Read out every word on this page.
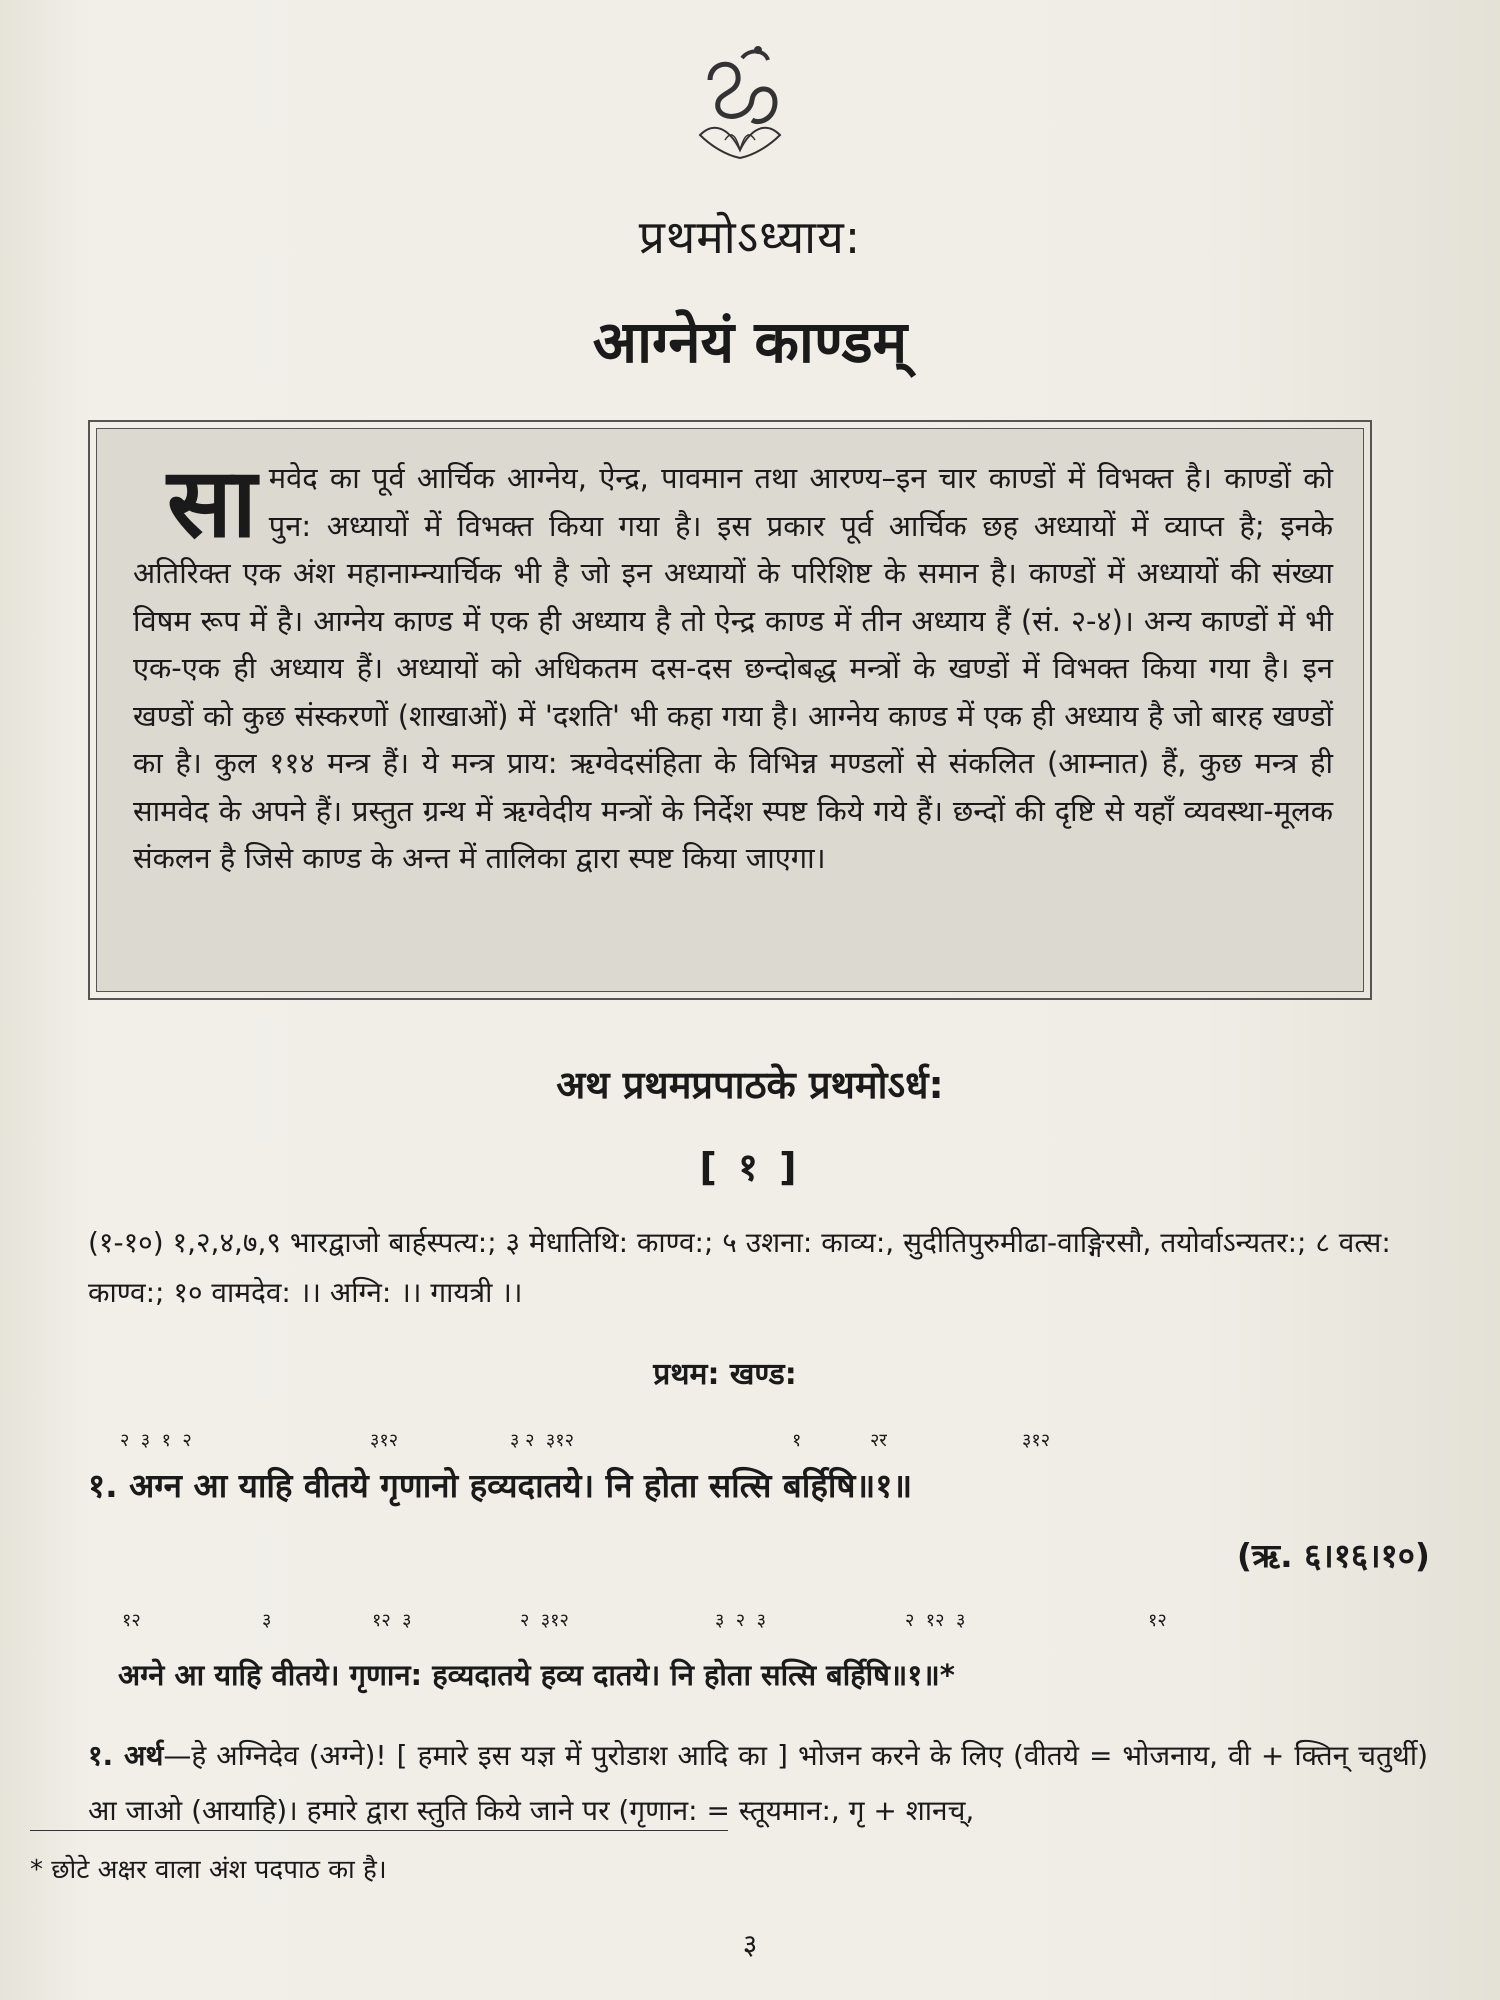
प्रथमोऽध्याय:
आग्नेयं काण्डम्

सामवेद का पूर्व आर्चिक आग्नेय, ऐन्द्र, पावमान तथा आरण्य–इन चार काण्डों में विभक्त है। काण्डों को पुन: अध्यायों में विभक्त किया गया है। इस प्रकार पूर्व आर्चिक छह अध्यायों में व्याप्त है; इनके अतिरिक्त एक अंश महानाम्न्यार्चिक भी है जो इन अध्यायों के परिशिष्ट के समान है। काण्डों में अध्यायों की संख्या विषम रूप में है। आग्नेय काण्ड में एक ही अध्याय है तो ऐन्द्र काण्ड में तीन अध्याय हैं (सं. २-४)। अन्य काण्डों में भी एक-एक ही अध्याय हैं। अध्यायों को अधिकतम दस-दस छन्दोबद्ध मन्त्रों के खण्डों में विभक्त किया गया है। इन खण्डों को कुछ संस्करणों (शाखाओं) में 'दशति' भी कहा गया है। आग्नेय काण्ड में एक ही अध्याय है जो बारह खण्डों का है। कुल ११४ मन्त्र हैं। ये मन्त्र प्राय: ऋग्वेदसंहिता के विभिन्न मण्डलों से संकलित (आम्नात) हैं, कुछ मन्त्र ही सामवेद के अपने हैं। प्रस्तुत ग्रन्थ में ऋग्वेदीय मन्त्रों के निर्देश स्पष्ट किये गये हैं। छन्दों की दृष्टि से यहाँ व्यवस्था-मूलक संकलन है जिसे काण्ड के अन्त में तालिका द्वारा स्पष्ट किया जाएगा।

अथ प्रथमप्रपाठके प्रथमोऽर्ध:
[ १ ]

(१-१०) १,२,४,७,९ भारद्वाजो बार्हस्पत्य:; ३ मेधातिथि: काण्व:; ५ उशना: काव्य:, सुदीतिपुरुमीढा-वाङ्गिरसौ, तयोर्वाऽन्यतर:; ८ वत्स: काण्व:; १० वामदेव: ।। अग्नि: ।। गायत्री ।।

प्रथम: खण्ड:
२  ३  १  २	३१२	३ २  ३१२	१	२र	३१२
१. अग्न आ याहि वीतये गृणानो हव्यदातये। नि होता सत्सि बर्हिषि॥१॥
(ऋ. ६।१६।१०)
१२	३	१२  ३	२  ३१२	३  २  ३	२  १२  ३	१२
अग्ने आ याहि वीतये। गृणान: हव्यदातये हव्य दातये। नि होता सत्सि बर्हिषि॥१॥*

१. अर्थ—हे अग्निदेव (अग्ने)! [ हमारे इस यज्ञ में पुरोडाश आदि का ] भोजन करने के लिए (वीतये = भोजनाय, वी + क्तिन् चतुर्थी) आ जाओ (आयाहि)। हमारे द्वारा स्तुति किये जाने पर (गृणान: = स्तूयमान:, गृ + शानच्,

* छोटे अक्षर वाला अंश पदपाठ का है।
३
